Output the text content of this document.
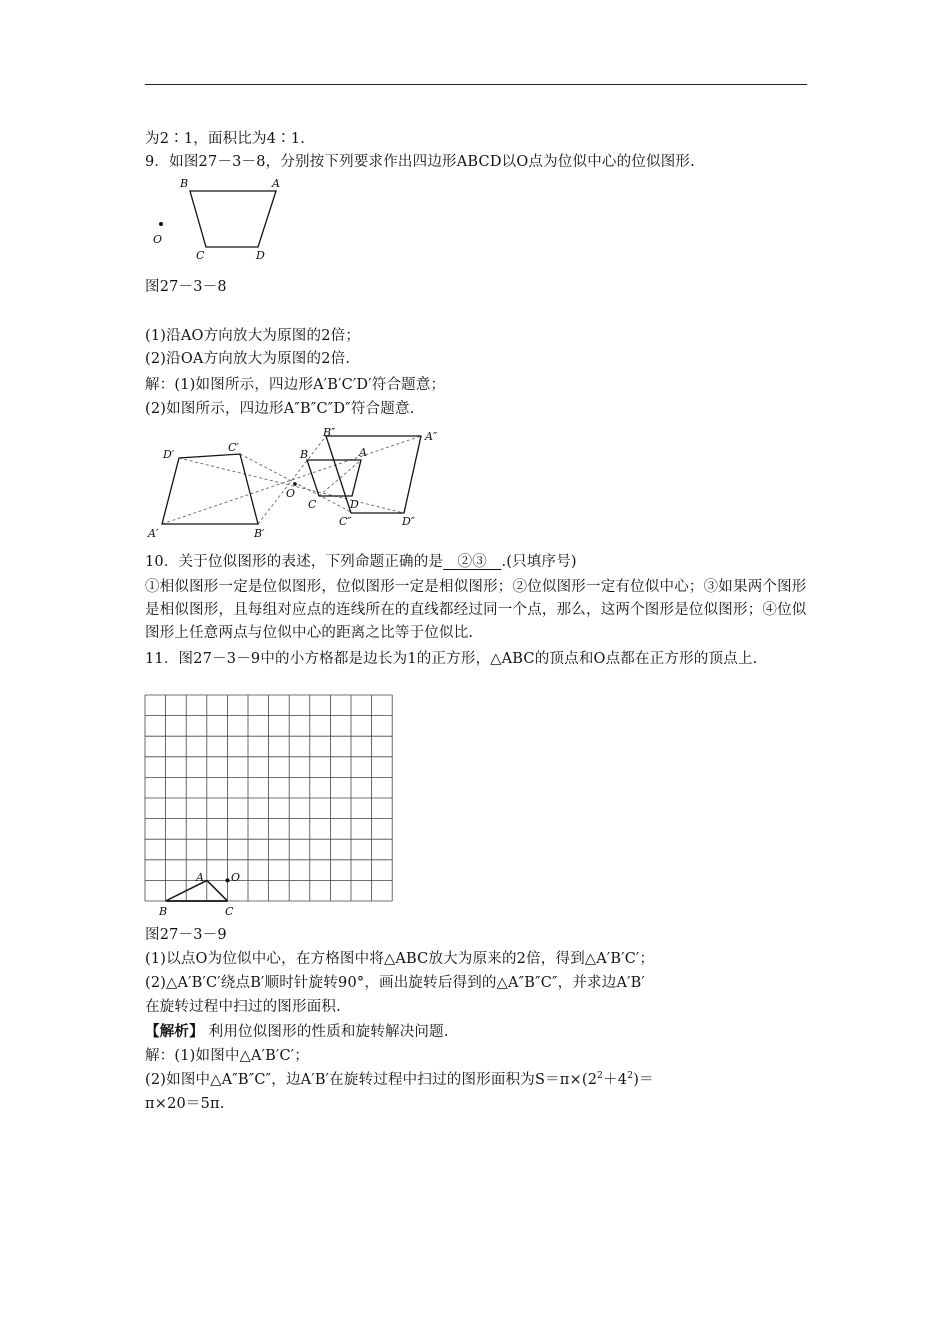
为2∶1，面积比为4∶1.
9．如图27－3－8，分别按下列要求作出四边形ABCD以O点为位似中心的位似图形.
B	A
O
C	D
图27－3－8
(1)沿AO方向放大为原图的2倍；
(2)沿OA方向放大为原图的2倍.
解：(1)如图所示，四边形A′B′C′D′符合题意；
(2)如图所示，四边形A″B″C″D″符合题意.
D′
C′
A′	B′
B″	A″
B	A
O
C	D
C″	D″
10．关于位似图形的表述，下列命题正确的是 ②③ .(只填序号)
①相似图形一定是位似图形，位似图形一定是相似图形；②位似图形一定有位似中心；③如果两个图形是相似图形，且每组对应点的连线所在的直线都经过同一个点，那么，这两个图形是位似图形；④位似图形上任意两点与位似中心的距离之比等于位似比.
11．图27－3－9中的小方格都是边长为1的正方形，△ABC的顶点和O点都在正方形的顶点上.
A O
B	C
图27－3－9
(1)以点O为位似中心，在方格图中将△ABC放大为原来的2倍，得到△A′B′C′；
(2)△A′B′C′绕点B′顺时针旋转90°，画出旋转后得到的△A″B″C″，并求边A′B′
在旋转过程中扫过的图形面积.
【解析】 利用位似图形的性质和旋转解决问题.
解：(1)如图中△A′B′C′；
(2)如图中△A″B″C″，边A′B′在旋转过程中扫过的图形面积为$S=\pi\times(2^2+4^2)=$
π×20＝5π.
